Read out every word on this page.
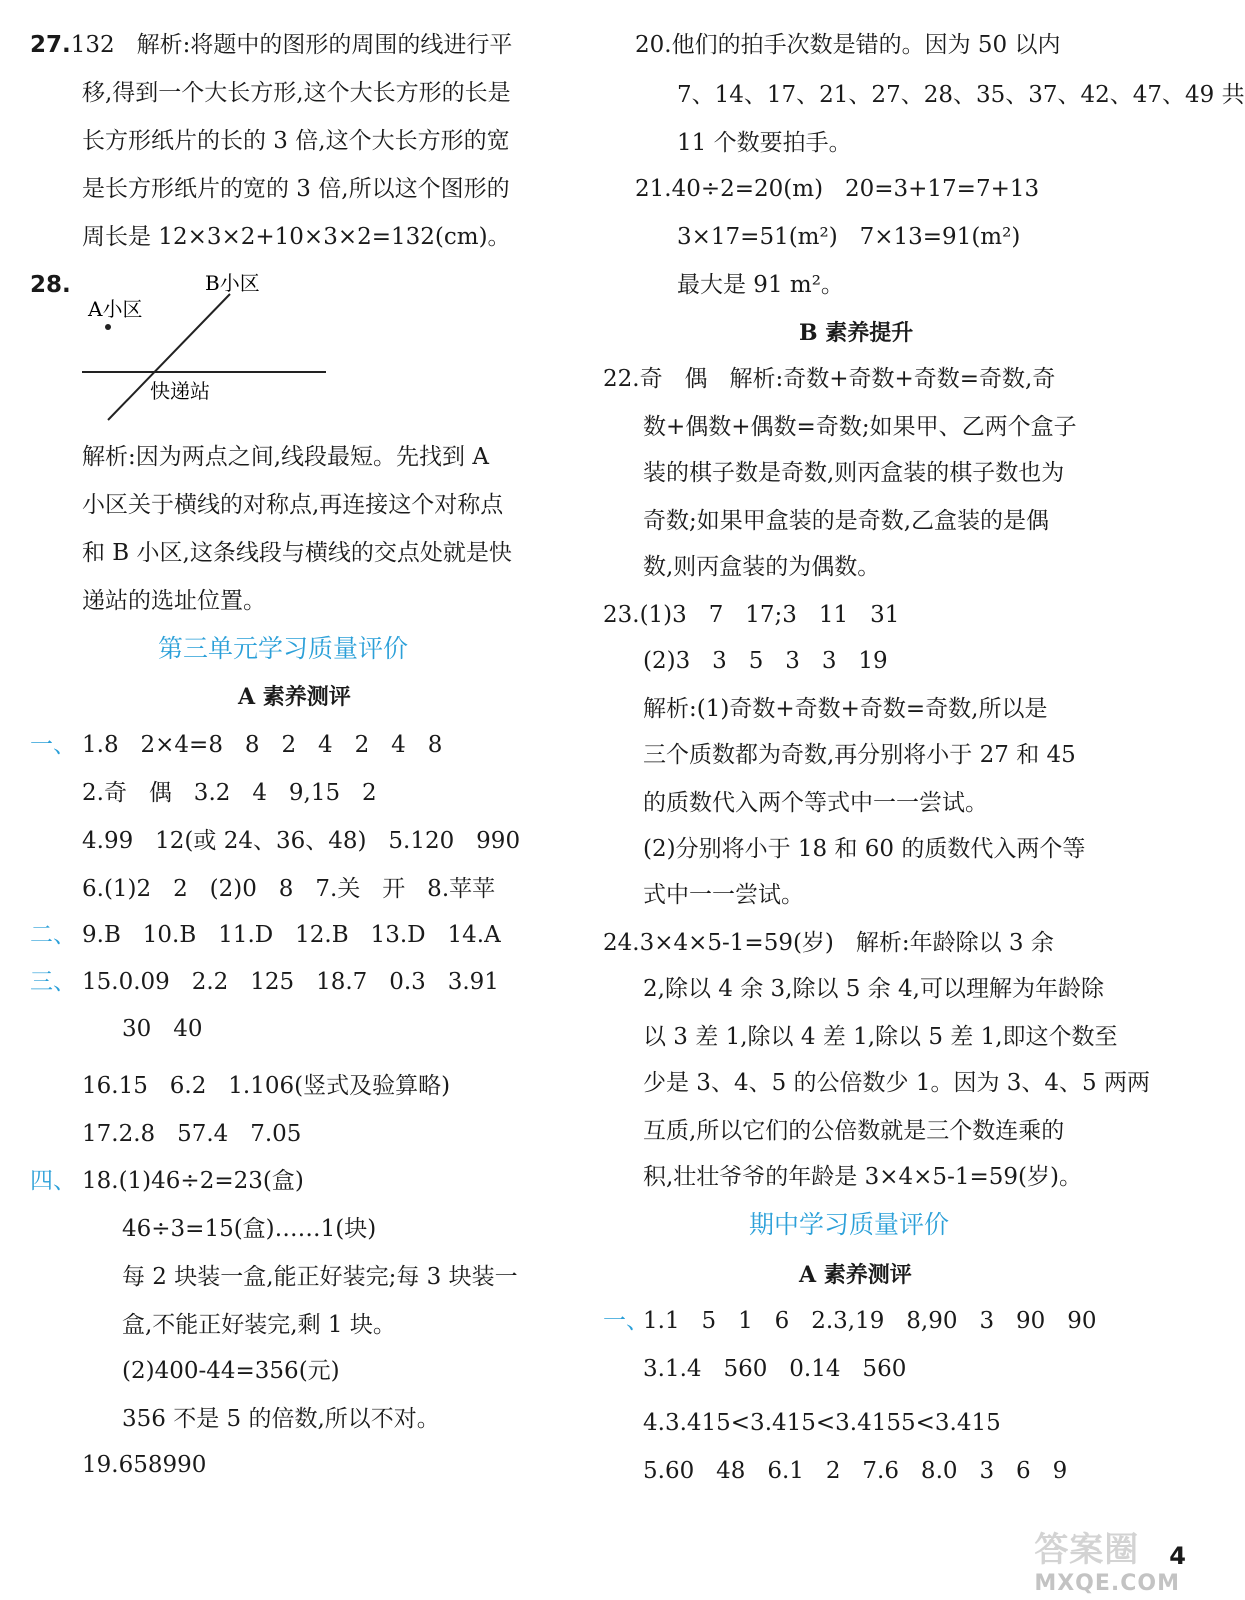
27.132   解析:将题中的图形的周围的线进行平
移,得到一个大长方形,这个大长方形的长是
长方形纸片的长的 3 倍,这个大长方形的宽
是长方形纸片的宽的 3 倍,所以这个图形的
周长是 12×3×2+10×3×2=132(cm)。
28.	B小区
A小区
快递站
解析:因为两点之间,线段最短。先找到 A
小区关于横线的对称点,再连接这个对称点
和 B 小区,这条线段与横线的交点处就是快
递站的选址位置。
第三单元学习质量评价
A 素养测评
一、 1.8   2×4=8   8   2   4   2   4   8
2.奇   偶   3.2   4   9,15   2
4.99   12(或 24、36、48)   5.120   990
6.(1)2   2   (2)0   8   7.关   开   8.苹苹
二、 9.B   10.B   11.D   12.B   13.D   14.A
三、 15.0.09   2.2   125   18.7   0.3   3.91
30   40
16.15   6.2   1.106(竖式及验算略)
17.2.8   57.4   7.05
四、 18.(1)46÷2=23(盒)
46÷3=15(盒)……1(块)
每 2 块装一盒,能正好装完;每 3 块装一
盒,不能正好装完,剩 1 块。
(2)400-44=356(元)
356 不是 5 的倍数,所以不对。
19.658990
20.他们的拍手次数是错的。因为 50 以内
7、14、17、21、27、28、35、37、42、47、49 共
11 个数要拍手。
21.40÷2=20(m)   20=3+17=7+13
3×17=51(m²)   7×13=91(m²)
最大是 91 m²。
B 素养提升
22.奇   偶   解析:奇数+奇数+奇数=奇数,奇
数+偶数+偶数=奇数;如果甲、乙两个盒子
装的棋子数是奇数,则丙盒装的棋子数也为
奇数;如果甲盒装的是奇数,乙盒装的是偶
数,则丙盒装的为偶数。
23.(1)3   7   17;3   11   31
(2)3   3   5   3   3   19
解析:(1)奇数+奇数+奇数=奇数,所以是
三个质数都为奇数,再分别将小于 27 和 45
的质数代入两个等式中一一尝试。
(2)分别将小于 18 和 60 的质数代入两个等
式中一一尝试。
24.3×4×5-1=59(岁)   解析:年龄除以 3 余
2,除以 4 余 3,除以 5 余 4,可以理解为年龄除
以 3 差 1,除以 4 差 1,除以 5 差 1,即这个数至
少是 3、4、5 的公倍数少 1。因为 3、4、5 两两
互质,所以它们的公倍数就是三个数连乘的
积,壮壮爷爷的年龄是 3×4×5-1=59(岁)。
期中学习质量评价
A 素养测评
一、
1.1   5   1   6   2.3,19   8,90   3   90   90
3.1.4   560   0.14   560
4.3.415<3.415<3.4155<3.415
5.60   48   6.1   2   7.6   8.0   3   6   9
4
答案圈
MXQE.COM
